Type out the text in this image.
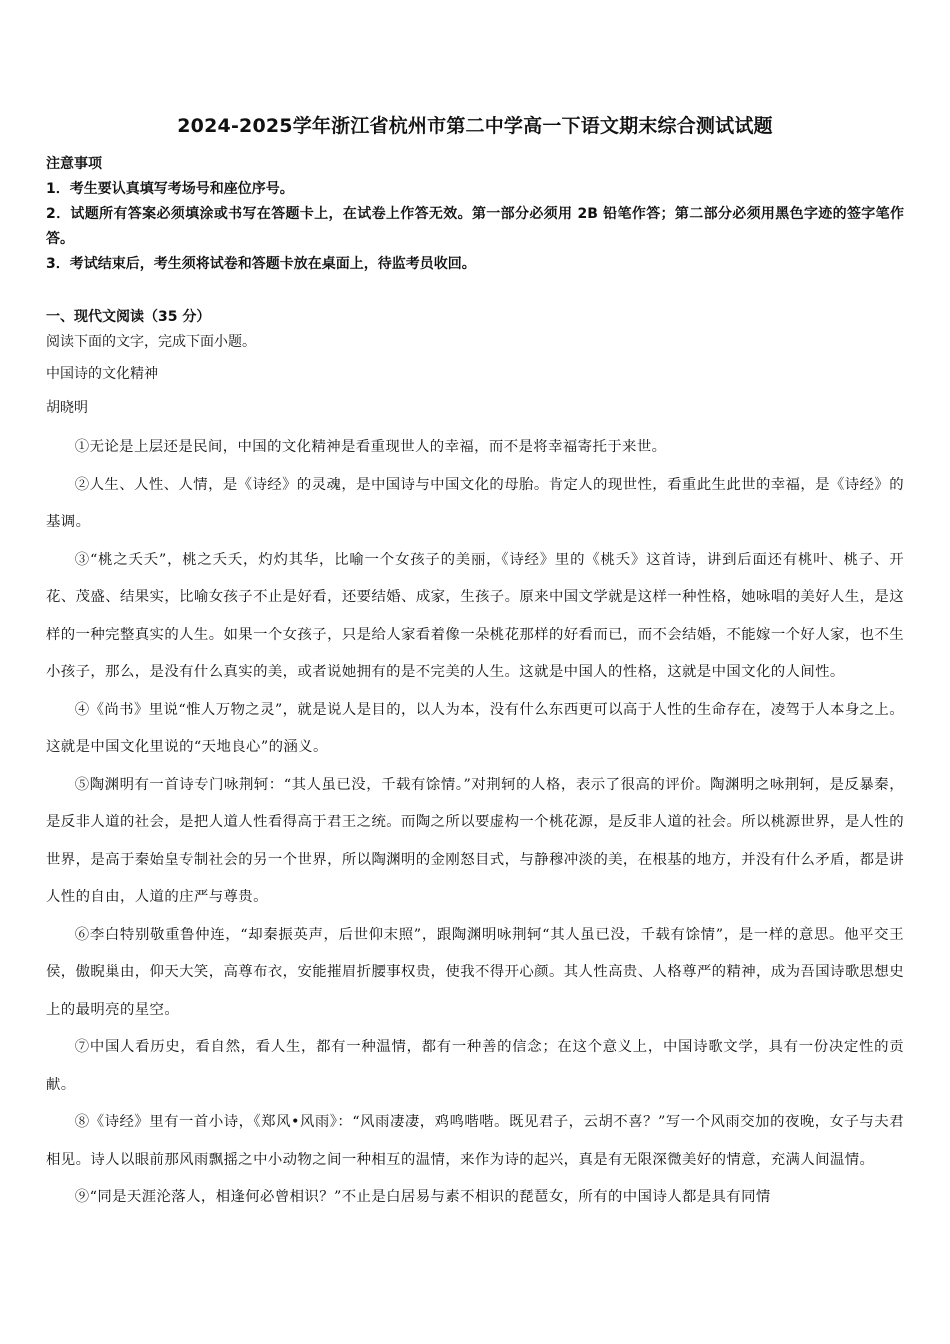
2024-2025学年浙江省杭州市第二中学高一下语文期末综合测试试题

注意事项

1．考生要认真填写考场号和座位序号。

2．试题所有答案必须填涂或书写在答题卡上，在试卷上作答无效。第一部分必须用 2B 铅笔作答；第二部分必须用黑色字迹的签字笔作答。

3．考试结束后，考生须将试卷和答题卡放在桌面上，待监考员收回。

一、现代文阅读（35 分）

阅读下面的文字，完成下面小题。

中国诗的文化精神

胡晓明

①无论是上层还是民间，中国的文化精神是看重现世人的幸福，而不是将幸福寄托于来世。

②人生、人性、人情，是《诗经》的灵魂，是中国诗与中国文化的母胎。肯定人的现世性，看重此生此世的幸福，是《诗经》的基调。

③“桃之夭夭”，桃之夭夭，灼灼其华，比喻一个女孩子的美丽，《诗经》里的《桃夭》这首诗，讲到后面还有桃叶、桃子、开花、茂盛、结果实，比喻女孩子不止是好看，还要结婚、成家，生孩子。原来中国文学就是这样一种性格，她咏唱的美好人生，是这样的一种完整真实的人生。如果一个女孩子，只是给人家看着像一朵桃花那样的好看而已，而不会结婚，不能嫁一个好人家，也不生小孩子，那么，是没有什么真实的美，或者说她拥有的是不完美的人生。这就是中国人的性格，这就是中国文化的人间性。

④《尚书》里说“惟人万物之灵”，就是说人是目的，以人为本，没有什么东西更可以高于人性的生命存在，凌驾于人本身之上。这就是中国文化里说的“天地良心”的涵义。

⑤陶渊明有一首诗专门咏荆轲：“其人虽已没，千载有馀情。”对荆轲的人格，表示了很高的评价。陶渊明之咏荆轲，是反暴秦，是反非人道的社会，是把人道人性看得高于君王之统。而陶之所以要虚构一个桃花源，是反非人道的社会。所以桃源世界，是人性的世界，是高于秦始皇专制社会的另一个世界，所以陶渊明的金刚怒目式，与静穆冲淡的美，在根基的地方，并没有什么矛盾，都是讲人性的自由，人道的庄严与尊贵。

⑥李白特别敬重鲁仲连，“却秦振英声，后世仰末照”，跟陶渊明咏荆轲“其人虽已没，千载有馀情”，是一样的意思。他平交王侯，傲睨巢由，仰天大笑，高尊布衣，安能摧眉折腰事权贵，使我不得开心颜。其人性高贵、人格尊严的精神，成为吾国诗歌思想史上的最明亮的星空。

⑦中国人看历史，看自然，看人生，都有一种温情，都有一种善的信念；在这个意义上，中国诗歌文学，具有一份决定性的贡献。

⑧《诗经》里有一首小诗，《郑风•风雨》：“风雨凄凄，鸡鸣喈喈。既见君子，云胡不喜？”写一个风雨交加的夜晚，女子与夫君相见。诗人以眼前那风雨飘摇之中小动物之间一种相互的温情，来作为诗的起兴，真是有无限深微美好的情意，充满人间温情。

⑨“同是天涯沦落人，相逢何必曾相识？”不止是白居易与素不相识的琵琶女，所有的中国诗人都是具有同情
